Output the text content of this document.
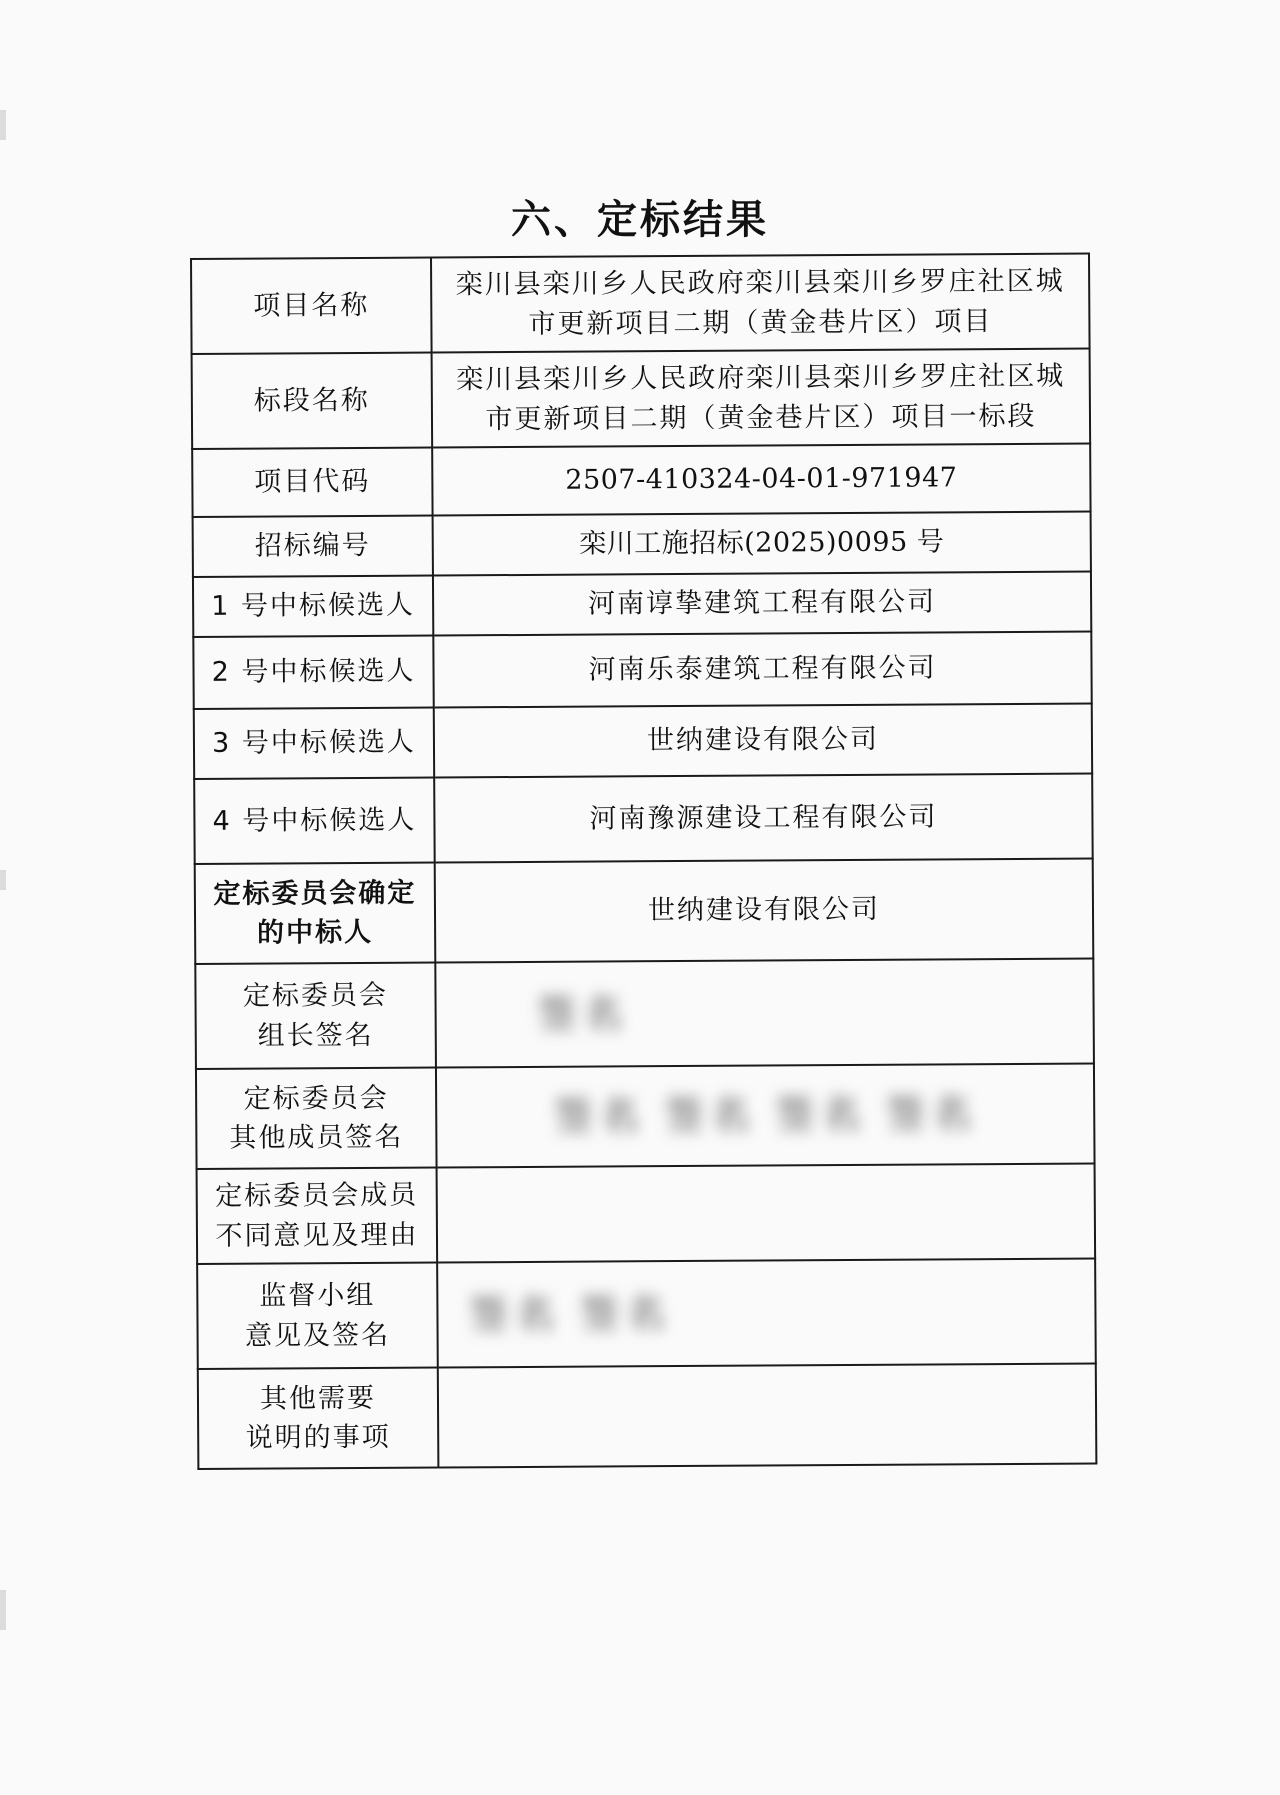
六、定标结果
项目名称	栾川县栾川乡人民政府栾川县栾川乡罗庄社区城
市更新项目二期（黄金巷片区）项目

标段名称	栾川县栾川乡人民政府栾川县栾川乡罗庄社区城
市更新项目二期（黄金巷片区）项目一标段

项目代码	2507-410324-04-01-971947
招标编号	栾川工施招标(2025)0095 号
1 号中标候选人	河南谆挚建筑工程有限公司
2 号中标候选人	河南乐泰建筑工程有限公司
3 号中标候选人	世纳建设有限公司
4 号中标候选人	河南豫源建设工程有限公司

定标委员会确定
的中标人	世纳建设有限公司

定标委员会
组长签名	签名

定标委员会
其他成员签名	签名 签名 签名 签名

定标委员会成员
不同意见及理由	

监督小组
意见及签名	签名 签名

其他需要
说明的事项	
